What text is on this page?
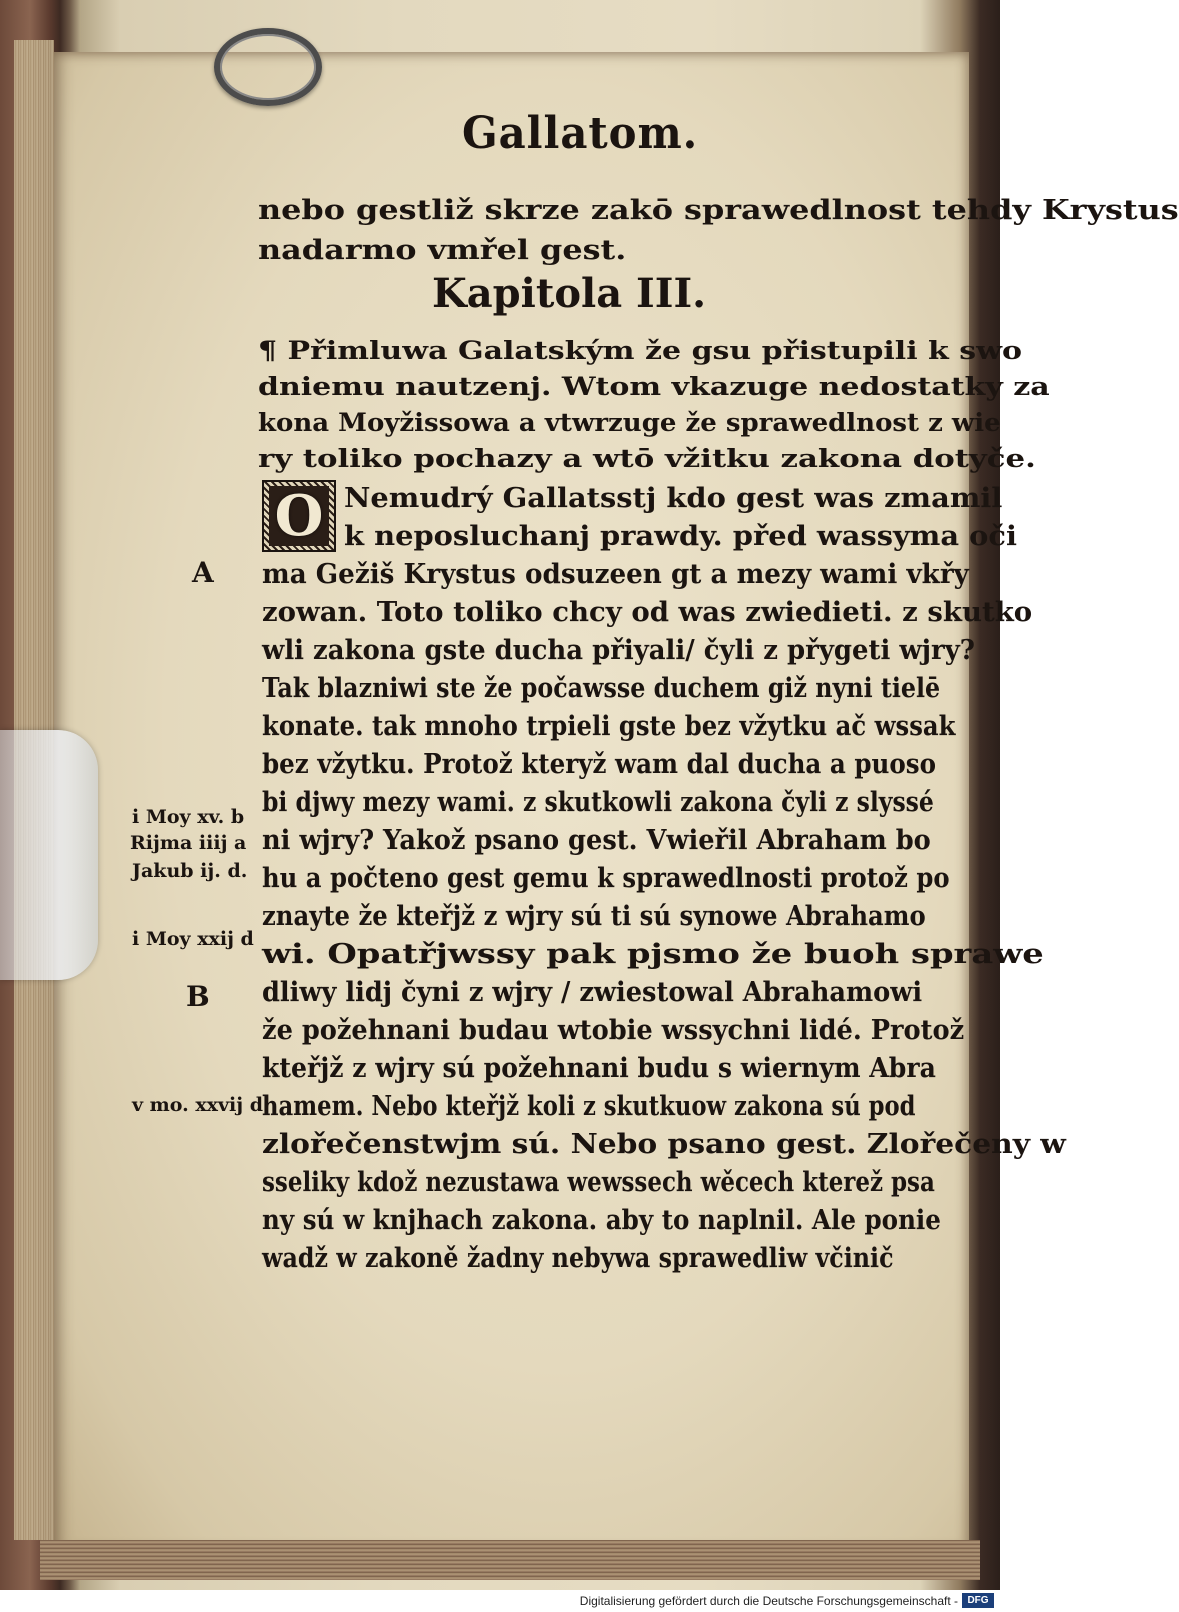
Gallatom.
nebo gestliž skrze zakō sprawedlnost tehdy Krystus
nadarmo vmřel gest.
Kapitola III.
¶ Přimluwa Galatským že gsu přistupili k swo
dniemu nautzenj. Wtom vkazuge nedostatky za
kona Moyžissowa a vtwrzuge že sprawedlnost z wie
ry toliko pochazy a wtō vžitku zakona dotyče.
O Nemudrý Gallatsstj kdo gest was zmamil
k neposluchanj prawdy. před wassyma oči
ma Gežiš Krystus odsuzeen gt a mezy wami vkřy
zowan. Toto toliko chcy od was zwiedieti. z skutko
wli zakona gste ducha přiyali/ čyli z přygeti wjry?
Tak blazniwi ste že počawsse duchem giž nyni tielē
konate. tak mnoho trpieli gste bez vžytku ač wssak
bez vžytku. Protož kteryž wam dal ducha a puoso
bi djwy mezy wami. z skutkowli zakona čyli z slyssé
ni wjry? Yakož psano gest. Vwieřil Abraham bo
hu a počteno gest gemu k sprawedlnosti protož po
znayte že kteřjž z wjry sú ti sú synowe Abrahamo
wi. Opatřjwssy pak pjsmo že buoh sprawe
dliwy lidj čyni z wjry / zwiestowal Abrahamowi
že požehnani budau wtobie wssychni lidé. Protož
kteřjž z wjry sú požehnani budu s wiernym Abra
hamem. Nebo kteřjž koli z skutkuow zakona sú pod
zlořečenstwjm sú. Nebo psano gest. Zlořečeny w
sseliky kdož nezustawa wewssech wěcech kterež psa
ny sú w knjhach zakona. aby to naplnil. Ale ponie
wadž w zakoně žadny nebywa sprawedliw včinič
A
i Moy xv. b
Rijma iiij a
Jakub ij. d.
i Moy xxij d
B
v mo. xxvij d
Digitalisierung gefördert durch die Deutsche Forschungsgemeinschaft - DFG
